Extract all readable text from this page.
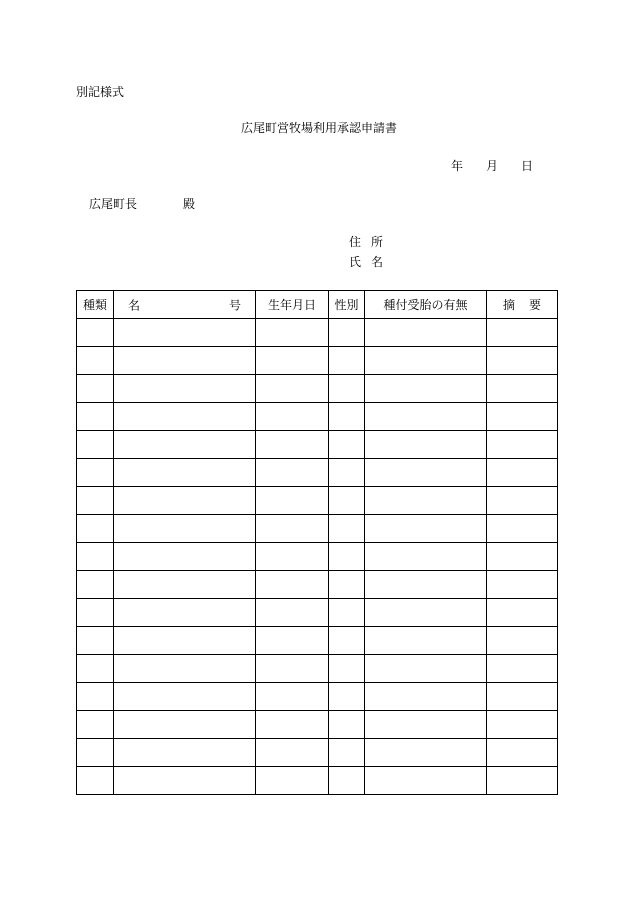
別記様式
広尾町営牧場利用承認申請書
年 月 日
広尾町長	殿
住所
氏名
種類	名 号	生年月日	性別	種付受胎の有無	摘要
